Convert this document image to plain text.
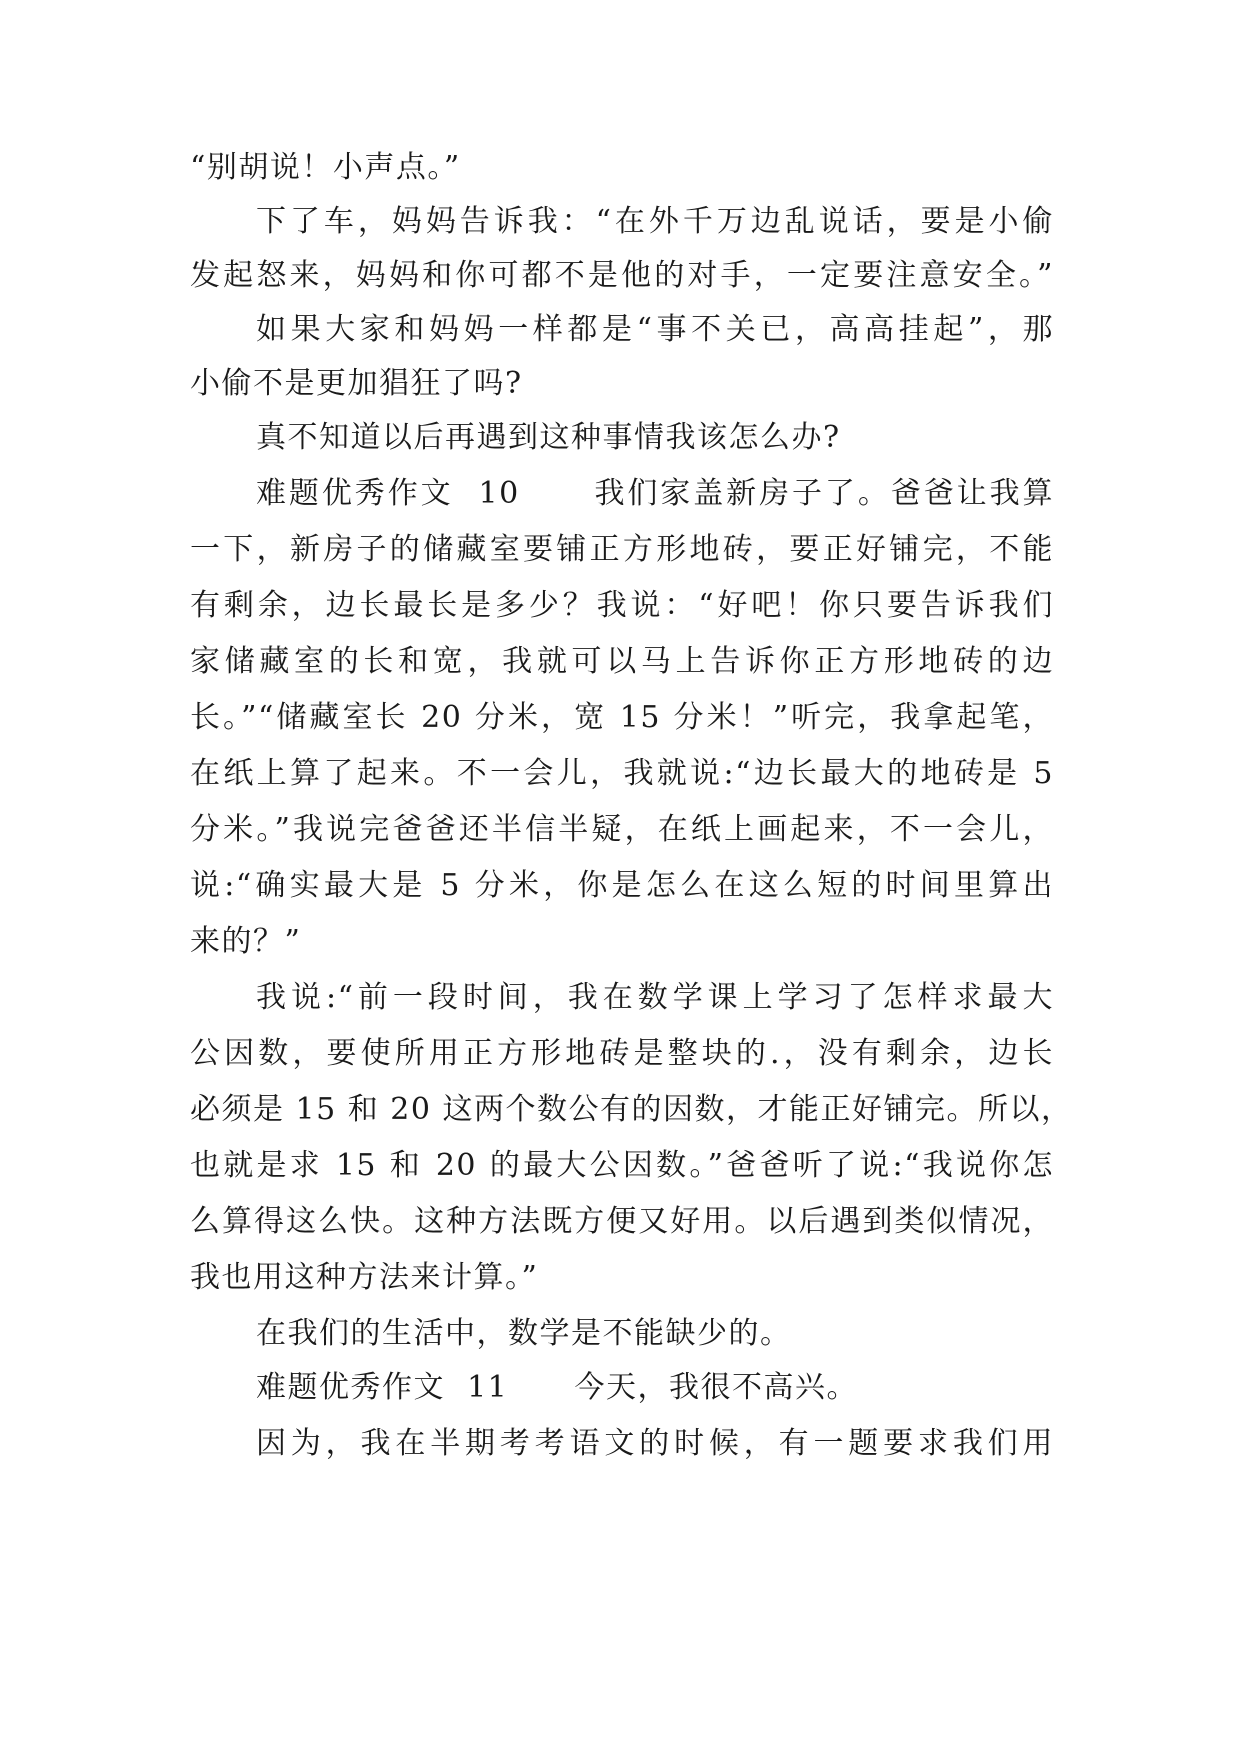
“别胡说！小声点。”
下了车，妈妈告诉我：“在外千万边乱说话，要是小偷
发起怒来，妈妈和你可都不是他的对手，一定要注意安全。”
如果大家和妈妈一样都是“事不关已，高高挂起”，那
小偷不是更加猖狂了吗?
真不知道以后再遇到这种事情我该怎么办?
难题优秀作文  10      我们家盖新房子了。爸爸让我算
一下，新房子的储藏室要铺正方形地砖，要正好铺完，不能
有剩余，边长最长是多少？我说：“好吧！你只要告诉我们
家储藏室的长和宽，我就可以马上告诉你正方形地砖的边
长。”“储藏室长 20 分米，宽 15 分米！”听完，我拿起笔，
在纸上算了起来。不一会儿，我就说:“边长最大的地砖是 5
分米。”我说完爸爸还半信半疑，在纸上画起来，不一会儿，
说:“确实最大是 5 分米，你是怎么在这么短的时间里算出
来的？”
我说:“前一段时间，我在数学课上学习了怎样求最大
公因数，要使所用正方形地砖是整块的.，没有剩余，边长
必须是 15 和 20 这两个数公有的因数，才能正好铺完。所以，
也就是求 15 和 20 的最大公因数。”爸爸听了说:“我说你怎
么算得这么快。这种方法既方便又好用。以后遇到类似情况，
我也用这种方法来计算。”
在我们的生活中，数学是不能缺少的。
难题优秀作文  11      今天，我很不高兴。
因为，我在半期考考语文的时候，有一题要求我们用
